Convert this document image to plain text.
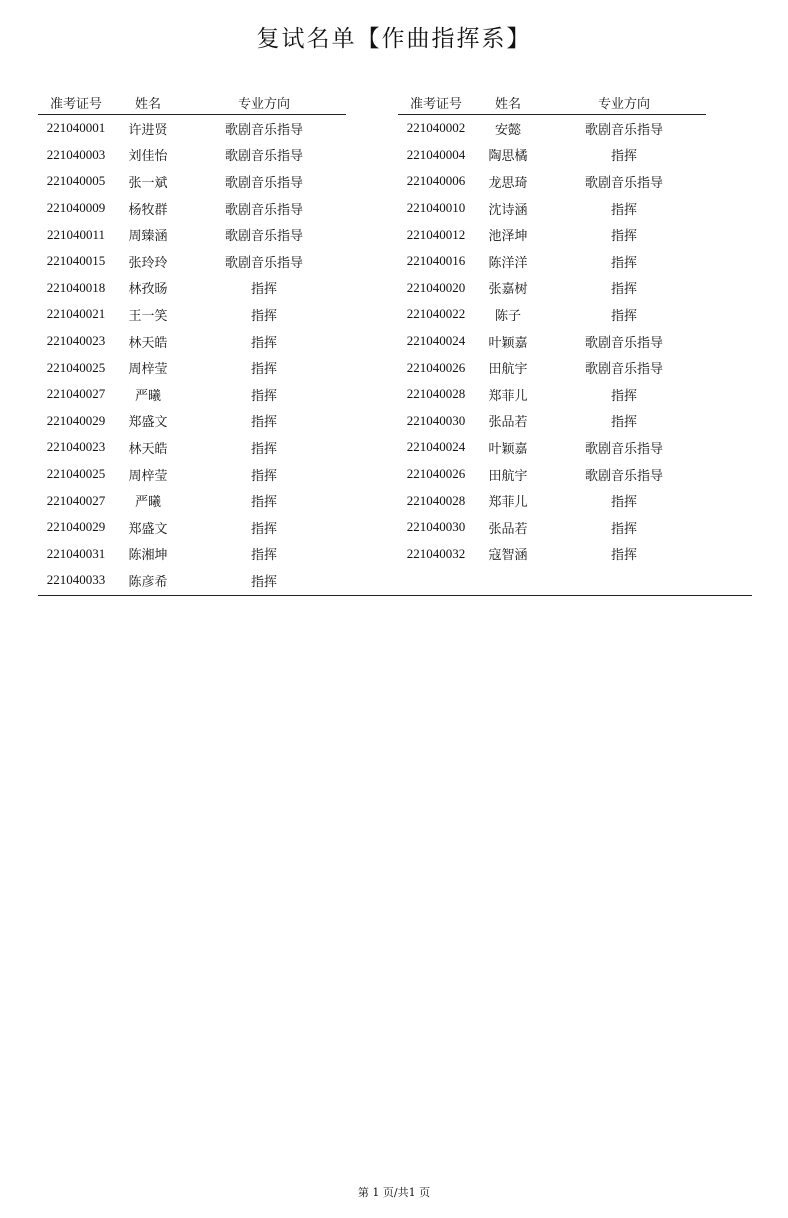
复试名单【作曲指挥系】
准考证号	姓名	专业方向
221040001	许进贤	歌剧音乐指导
221040003	刘佳怡	歌剧音乐指导
221040005	张一斌	歌剧音乐指导
221040009	杨牧群	歌剧音乐指导
221040011	周臻涵	歌剧音乐指导
221040015	张玲玲	歌剧音乐指导
221040018	林孜旸	指挥
221040021	王一笑	指挥
221040023	林天皓	指挥
221040025	周梓莹	指挥
221040027	严曦	指挥
221040029	郑盛文	指挥
221040023	林天皓	指挥
221040025	周梓莹	指挥
221040027	严曦	指挥
221040029	郑盛文	指挥
221040031	陈湘坤	指挥
221040033	陈彦希	指挥
准考证号	姓名	专业方向
221040002	安懿	歌剧音乐指导
221040004	陶思橘	指挥
221040006	龙思琦	歌剧音乐指导
221040010	沈诗涵	指挥
221040012	池泽坤	指挥
221040016	陈洋洋	指挥
221040020	张嘉树	指挥
221040022	陈子	指挥
221040024	叶颖嘉	歌剧音乐指导
221040026	田航宇	歌剧音乐指导
221040028	郑菲儿	指挥
221040030	张品若	指挥
221040024	叶颖嘉	歌剧音乐指导
221040026	田航宇	歌剧音乐指导
221040028	郑菲儿	指挥
221040030	张品若	指挥
221040032	寇智涵	指挥
第 1 页/共1 页
